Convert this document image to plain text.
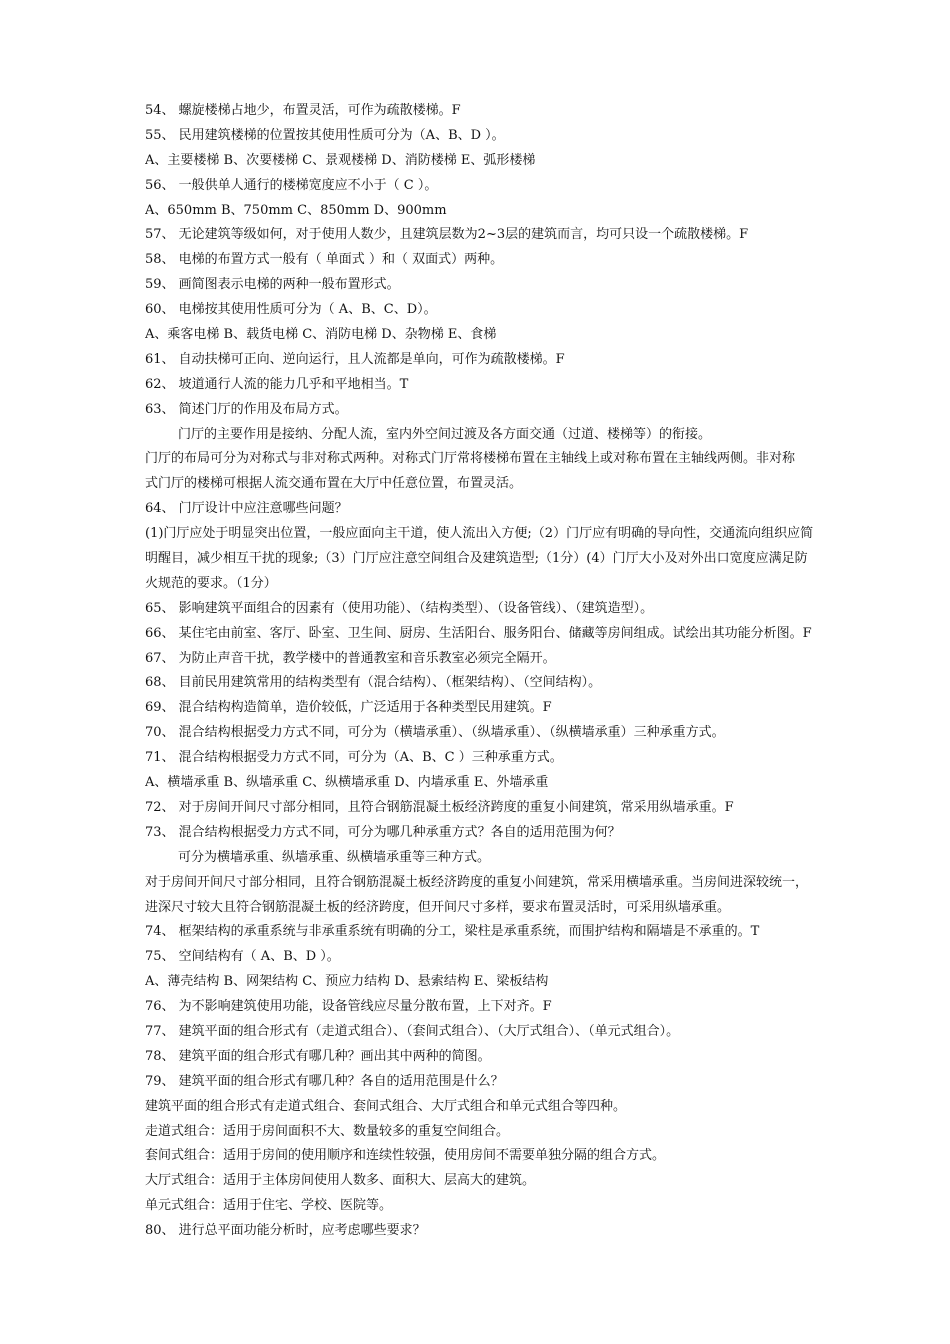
54、 螺旋楼梯占地少，布置灵活，可作为疏散楼梯。F
55、 民用建筑楼梯的位置按其使用性质可分为（A、B、D ）。
A、主要楼梯 B、次要楼梯 C、景观楼梯 D、消防楼梯 E、弧形楼梯
56、 一般供单人通行的楼梯宽度应不小于（ C ）。
A、650mm B、750mm C、850mm D、900mm
57、 无论建筑等级如何，对于使用人数少，且建筑层数为2~3层的建筑而言，均可只设一个疏散楼梯。F
58、 电梯的布置方式一般有（ 单面式 ）和（ 双面式）两种。
59、 画简图表示电梯的两种一般布置形式。
60、 电梯按其使用性质可分为（ A、B、C、D）。
A、乘客电梯 B、载货电梯 C、消防电梯 D、杂物梯 E、食梯
61、 自动扶梯可正向、逆向运行，且人流都是单向，可作为疏散楼梯。F
62、 坡道通行人流的能力几乎和平地相当。T
63、 简述门厅的作用及布局方式。
门厅的主要作用是接纳、分配人流，室内外空间过渡及各方面交通（过道、楼梯等）的衔接。
门厅的布局可分为对称式与非对称式两种。对称式门厅常将楼梯布置在主轴线上或对称布置在主轴线两侧。非对称
式门厅的楼梯可根据人流交通布置在大厅中任意位置，布置灵活。
64、 门厅设计中应注意哪些问题？
(1)门厅应处于明显突出位置，一般应面向主干道，使人流出入方便;（2）门厅应有明确的导向性，交通流向组织应简
明醒目，减少相互干扰的现象;（3）门厅应注意空间组合及建筑造型;（1分）(4）门厅大小及对外出口宽度应满足防
火规范的要求。（1分）
65、 影响建筑平面组合的因素有（使用功能）、（结构类型）、（设备管线）、（建筑造型）。
66、 某住宅由前室、客厅、卧室、卫生间、厨房、生活阳台、服务阳台、储藏等房间组成。试绘出其功能分析图。F
67、 为防止声音干扰，教学楼中的普通教室和音乐教室必须完全隔开。
68、 目前民用建筑常用的结构类型有（混合结构）、（框架结构）、（空间结构）。
69、 混合结构构造简单，造价较低，广泛适用于各种类型民用建筑。F
70、 混合结构根据受力方式不同，可分为（横墙承重）、（纵墙承重）、（纵横墙承重）三种承重方式。
71、 混合结构根据受力方式不同，可分为（A、B、C ）三种承重方式。
A、横墙承重 B、纵墙承重 C、纵横墙承重 D、内墙承重 E、外墙承重
72、 对于房间开间尺寸部分相同，且符合钢筋混凝土板经济跨度的重复小间建筑，常采用纵墙承重。F
73、 混合结构根据受力方式不同，可分为哪几种承重方式？各自的适用范围为何？
可分为横墙承重、纵墙承重、纵横墙承重等三种方式。
对于房间开间尺寸部分相同，且符合钢筋混凝土板经济跨度的重复小间建筑，常采用横墙承重。当房间进深较统一，
进深尺寸较大且符合钢筋混凝土板的经济跨度，但开间尺寸多样，要求布置灵活时，可采用纵墙承重。
74、 框架结构的承重系统与非承重系统有明确的分工，梁柱是承重系统，而围护结构和隔墙是不承重的。T
75、 空间结构有（ A、B、D ）。
A、薄壳结构 B、网架结构 C、预应力结构 D、悬索结构 E、梁板结构
76、 为不影响建筑使用功能，设备管线应尽量分散布置，上下对齐。F
77、 建筑平面的组合形式有（走道式组合）、（套间式组合）、（大厅式组合）、（单元式组合）。
78、 建筑平面的组合形式有哪几种？画出其中两种的简图。
79、 建筑平面的组合形式有哪几种？各自的适用范围是什么？
建筑平面的组合形式有走道式组合、套间式组合、大厅式组合和单元式组合等四种。
走道式组合：适用于房间面积不大、数量较多的重复空间组合。
套间式组合：适用于房间的使用顺序和连续性较强，使用房间不需要单独分隔的组合方式。
大厅式组合：适用于主体房间使用人数多、面积大、层高大的建筑。
单元式组合：适用于住宅、学校、医院等。
80、 进行总平面功能分析时，应考虑哪些要求？
